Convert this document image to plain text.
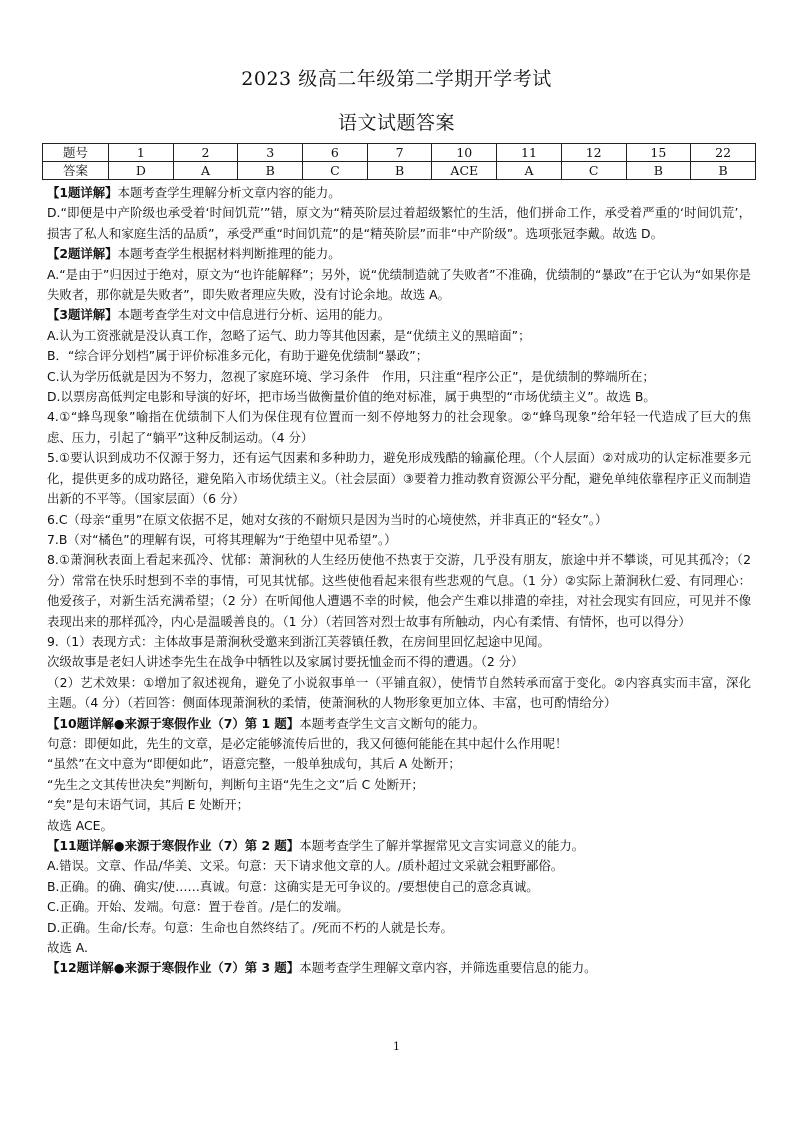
2023 级高二年级第二学期开学考试
语文试题答案
题号	1	2	3	6	7	10	11	12	15	22
答案	D	A	B	C	B	ACE	A	C	B	B

【1题详解】本题考查学生理解分析文章内容的能力。

D.“即便是中产阶级也承受着‘时间饥荒’”错，原文为“精英阶层过着超级繁忙的生活，他们拼命工作，承受着严重的‘时间饥荒’，损害了私人和家庭生活的品质”，承受严重“时间饥荒”的是“精英阶层”而非“中产阶级”。选项张冠李戴。故选 D。

【2题详解】本题考查学生根据材料判断推理的能力。

A.“是由于”归因过于绝对，原文为“也许能解释”；另外，说“优绩制造就了失败者”不准确，优绩制的“暴政”在于它认为“如果你是失败者，那你就是失败者”，即失败者理应失败，没有讨论余地。故选 A。

【3题详解】本题考查学生对文中信息进行分析、运用的能力。

A.认为工资涨就是没认真工作，忽略了运气、助力等其他因素，是“优绩主义的黑暗面”；

B．“综合评分划档”属于评价标准多元化，有助于避免优绩制“暴政”；

C.认为学历低就是因为不努力，忽视了家庭环境、学习条件　作用，只注重“程序公正”，是优绩制的弊端所在；

D.以票房高低判定电影和导演的好坏，把市场当做衡量价值的绝对标准，属于典型的“市场优绩主义”。故选 B。

4.①“蜂鸟现象”喻指在优绩制下人们为保住现有位置而一刻不停地努力的社会现象。②“蜂鸟现象”给年轻一代造成了巨大的焦虑、压力，引起了“躺平”这种反制运动。（4 分）

5.①要认识到成功不仅源于努力，还有运气因素和多种助力，避免形成残酷的输赢伦理。（个人层面）②对成功的认定标准要多元化，提供更多的成功路径，避免陷入市场优绩主义。（社会层面）③要着力推动教育资源公平分配，避免单纯依靠程序正义而制造出新的不平等。（国家层面）（6 分）

6.C（母亲“重男”在原文依据不足，她对女孩的不耐烦只是因为当时的心境使然，并非真正的“轻女”。）

7.B（对“橘色”的理解有误，可将其理解为“于绝望中见希望”。）

8.①萧涧秋表面上看起来孤冷、忧郁：萧涧秋的人生经历使他不热衷于交游，几乎没有朋友，旅途中并不攀谈，可见其孤冷；（2 分）常常在快乐时想到不幸的事情，可见其忧郁。这些使他看起来很有些悲观的气息。（1 分）②实际上萧涧秋仁爱、有同理心：他爱孩子，对新生活充满希望；（2 分）在听闻他人遭遇不幸的时候，他会产生难以排遣的牵挂，对社会现实有回应，可见并不像表现出来的那样孤冷，内心是温暖善良的。（1 分）（若回答对烈士故事有所触动，内心有柔情、有情怀，也可以得分）

9.（1）表现方式：主体故事是萧涧秋受邀来到浙江芙蓉镇任教，在房间里回忆起途中见闻。

次级故事是老妇人讲述李先生在战争中牺牲以及家属讨要抚恤金而不得的遭遇。（2 分）

（2）艺术效果：①增加了叙述视角，避免了小说叙事单一（平铺直叙），使情节自然转承而富于变化。②内容真实而丰富，深化主题。（4 分）（若回答：侧面体现萧涧秋的柔情，使萧涧秋的人物形象更加立体、丰富，也可酌情给分）

【10题详解●来源于寒假作业（7）第 1 题】本题考查学生文言文断句的能力。

句意：即便如此，先生的文章，是必定能够流传后世的，我又何德何能能在其中起什么作用呢！

“虽然”在文中意为“即便如此”，语意完整，一般单独成句，其后 A 处断开；

“先生之文其传世决矣”判断句，判断句主语“先生之文”后 C 处断开；

“矣”是句末语气词，其后 E 处断开；

故选 ACE。

【11题详解●来源于寒假作业（7）第 2 题】本题考查学生了解并掌握常见文言实词意义的能力。

A.错误。文章、作品/华美、文采。句意：天下请求他文章的人。/质朴超过文采就会粗野鄙俗。

B.正确。的确、确实/使……真诚。句意：这确实是无可争议的。/要想使自己的意念真诚。

C.正确。开始、发端。句意：置于卷首。/是仁的发端。

D.正确。生命/长寿。句意：生命也自然终结了。/死而不朽的人就是长寿。

故选 A.

【12题详解●来源于寒假作业（7）第 3 题】本题考查学生理解文章内容，并筛选重要信息的能力。

1
